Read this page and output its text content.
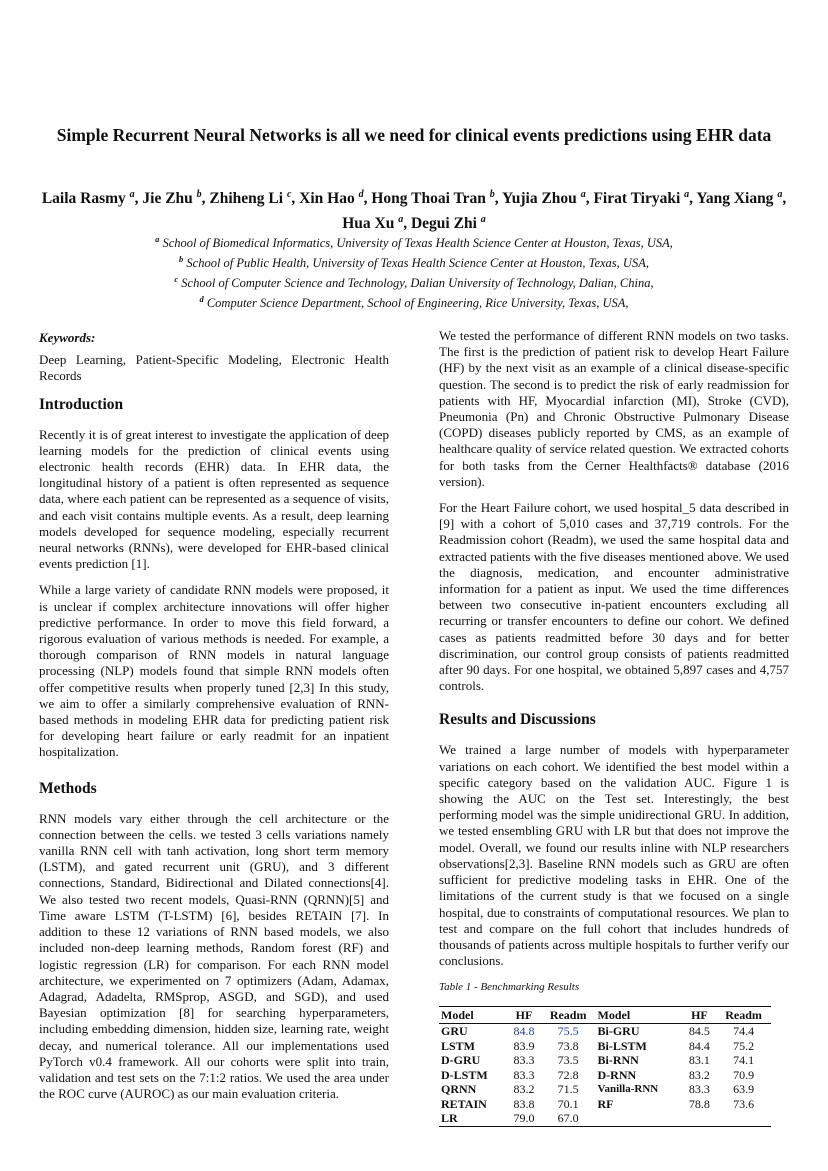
Simple Recurrent Neural Networks is all we need for clinical events predictions using EHR data
Laila Rasmy $^a$, Jie Zhu $^b$, Zhiheng Li $^c$, Xin Hao $^d$, Hong Thoai Tran $^b$, Yujia Zhou $^a$, Firat Tiryaki $^a$, Yang Xiang $^a$, Hua Xu $^a$, Degui Zhi $^a$
$^a$ School of Biomedical Informatics, University of Texas Health Science Center at Houston, Texas, USA,
$^b$ School of Public Health, University of Texas Health Science Center at Houston, Texas, USA,
$^c$ School of Computer Science and Technology, Dalian University of Technology, Dalian, China,
$^d$ Computer Science Department, School of Engineering, Rice University, Texas, USA,
Keywords:

Deep Learning, Patient-Specific Modeling, Electronic Health Records

Introduction

Recently it is of great interest to investigate the application of deep learning models for the prediction of clinical events using electronic health records (EHR) data. In EHR data, the longitudinal history of a patient is often represented as sequence data, where each patient can be represented as a sequence of visits, and each visit contains multiple events. As a result, deep learning models developed for sequence modeling, especially recurrent neural networks (RNNs), were developed for EHR-based clinical events prediction [1].

While a large variety of candidate RNN models were proposed, it is unclear if complex architecture innovations will offer higher predictive performance. In order to move this field forward, a rigorous evaluation of various methods is needed. For example, a thorough comparison of RNN models in natural language processing (NLP) models found that simple RNN models often offer competitive results when properly tuned [2,3] In this study, we aim to offer a similarly comprehensive evaluation of RNN-based methods in modeling EHR data for predicting patient risk for developing heart failure or early readmit for an inpatient hospitalization.

Methods

RNN models vary either through the cell architecture or the connection between the cells. we tested 3 cells variations namely vanilla RNN cell with tanh activation, long short term memory (LSTM), and gated recurrent unit (GRU), and 3 different connections, Standard, Bidirectional and Dilated connections[4]. We also tested two recent models, Quasi-RNN (QRNN)[5] and Time aware LSTM (T-LSTM) [6], besides RETAIN [7]. In addition to these 12 variations of RNN based models, we also included non-deep learning methods, Random forest (RF) and logistic regression (LR) for comparison. For each RNN model architecture, we experimented on 7 optimizers (Adam, Adamax, Adagrad, Adadelta, RMSprop, ASGD, and SGD), and used Bayesian optimization [8] for searching hyperparameters, including embedding dimension, hidden size, learning rate, weight decay, and numerical tolerance. All our implementations used PyTorch v0.4 framework. All our cohorts were split into train, validation and test sets on the 7:1:2 ratios. We used the area under the ROC curve (AUROC) as our main evaluation criteria.

We tested the performance of different RNN models on two tasks. The first is the prediction of patient risk to develop Heart Failure (HF) by the next visit as an example of a clinical disease-specific question. The second is to predict the risk of early readmission for patients with HF, Myocardial infarction (MI), Stroke (CVD), Pneumonia (Pn) and Chronic Obstructive Pulmonary Disease (COPD) diseases publicly reported by CMS, as an example of healthcare quality of service related question. We extracted cohorts for both tasks from the Cerner Healthfacts® database (2016 version).

For the Heart Failure cohort, we used hospital_5 data described in [9] with a cohort of 5,010 cases and 37,719 controls. For the Readmission cohort (Readm), we used the same hospital data and extracted patients with the five diseases mentioned above. We used the diagnosis, medication, and encounter administrative information for a patient as input. We used the time differences between two consecutive in-patient encounters excluding all recurring or transfer encounters to define our cohort. We defined cases as patients readmitted before 30 days and for better discrimination, our control group consists of patients readmitted after 90 days. For one hospital, we obtained 5,897 cases and 4,757 controls.

Results and Discussions

We trained a large number of models with hyperparameter variations on each cohort. We identified the best model within a specific category based on the validation AUC. Figure 1 is showing the AUC on the Test set. Interestingly, the best performing model was the simple unidirectional GRU. In addition, we tested ensembling GRU with LR but that does not improve the model. Overall, we found our results inline with NLP researchers observations[2,3]. Baseline RNN models such as GRU are often sufficient for predictive modeling tasks in EHR. One of the limitations of the current study is that we focused on a single hospital, due to constraints of computational resources. We plan to test and compare on the full cohort that includes hundreds of thousands of patients across multiple hospitals to further verify our conclusions.

Table 1 - Benchmarking Results
Model	HF	Readm	Model	HF	Readm
GRU	84.8	75.5	Bi-GRU	84.5	74.4
LSTM	83.9	73.8	Bi-LSTM	84.4	75.2
D-GRU	83.3	73.5	Bi-RNN	83.1	74.1
D-LSTM	83.3	72.8	D-RNN	83.2	70.9
QRNN	83.2	71.5	Vanilla-RNN	83.3	63.9
RETAIN	83.8	70.1	RF	78.8	73.6
LR	79.0	67.0			
